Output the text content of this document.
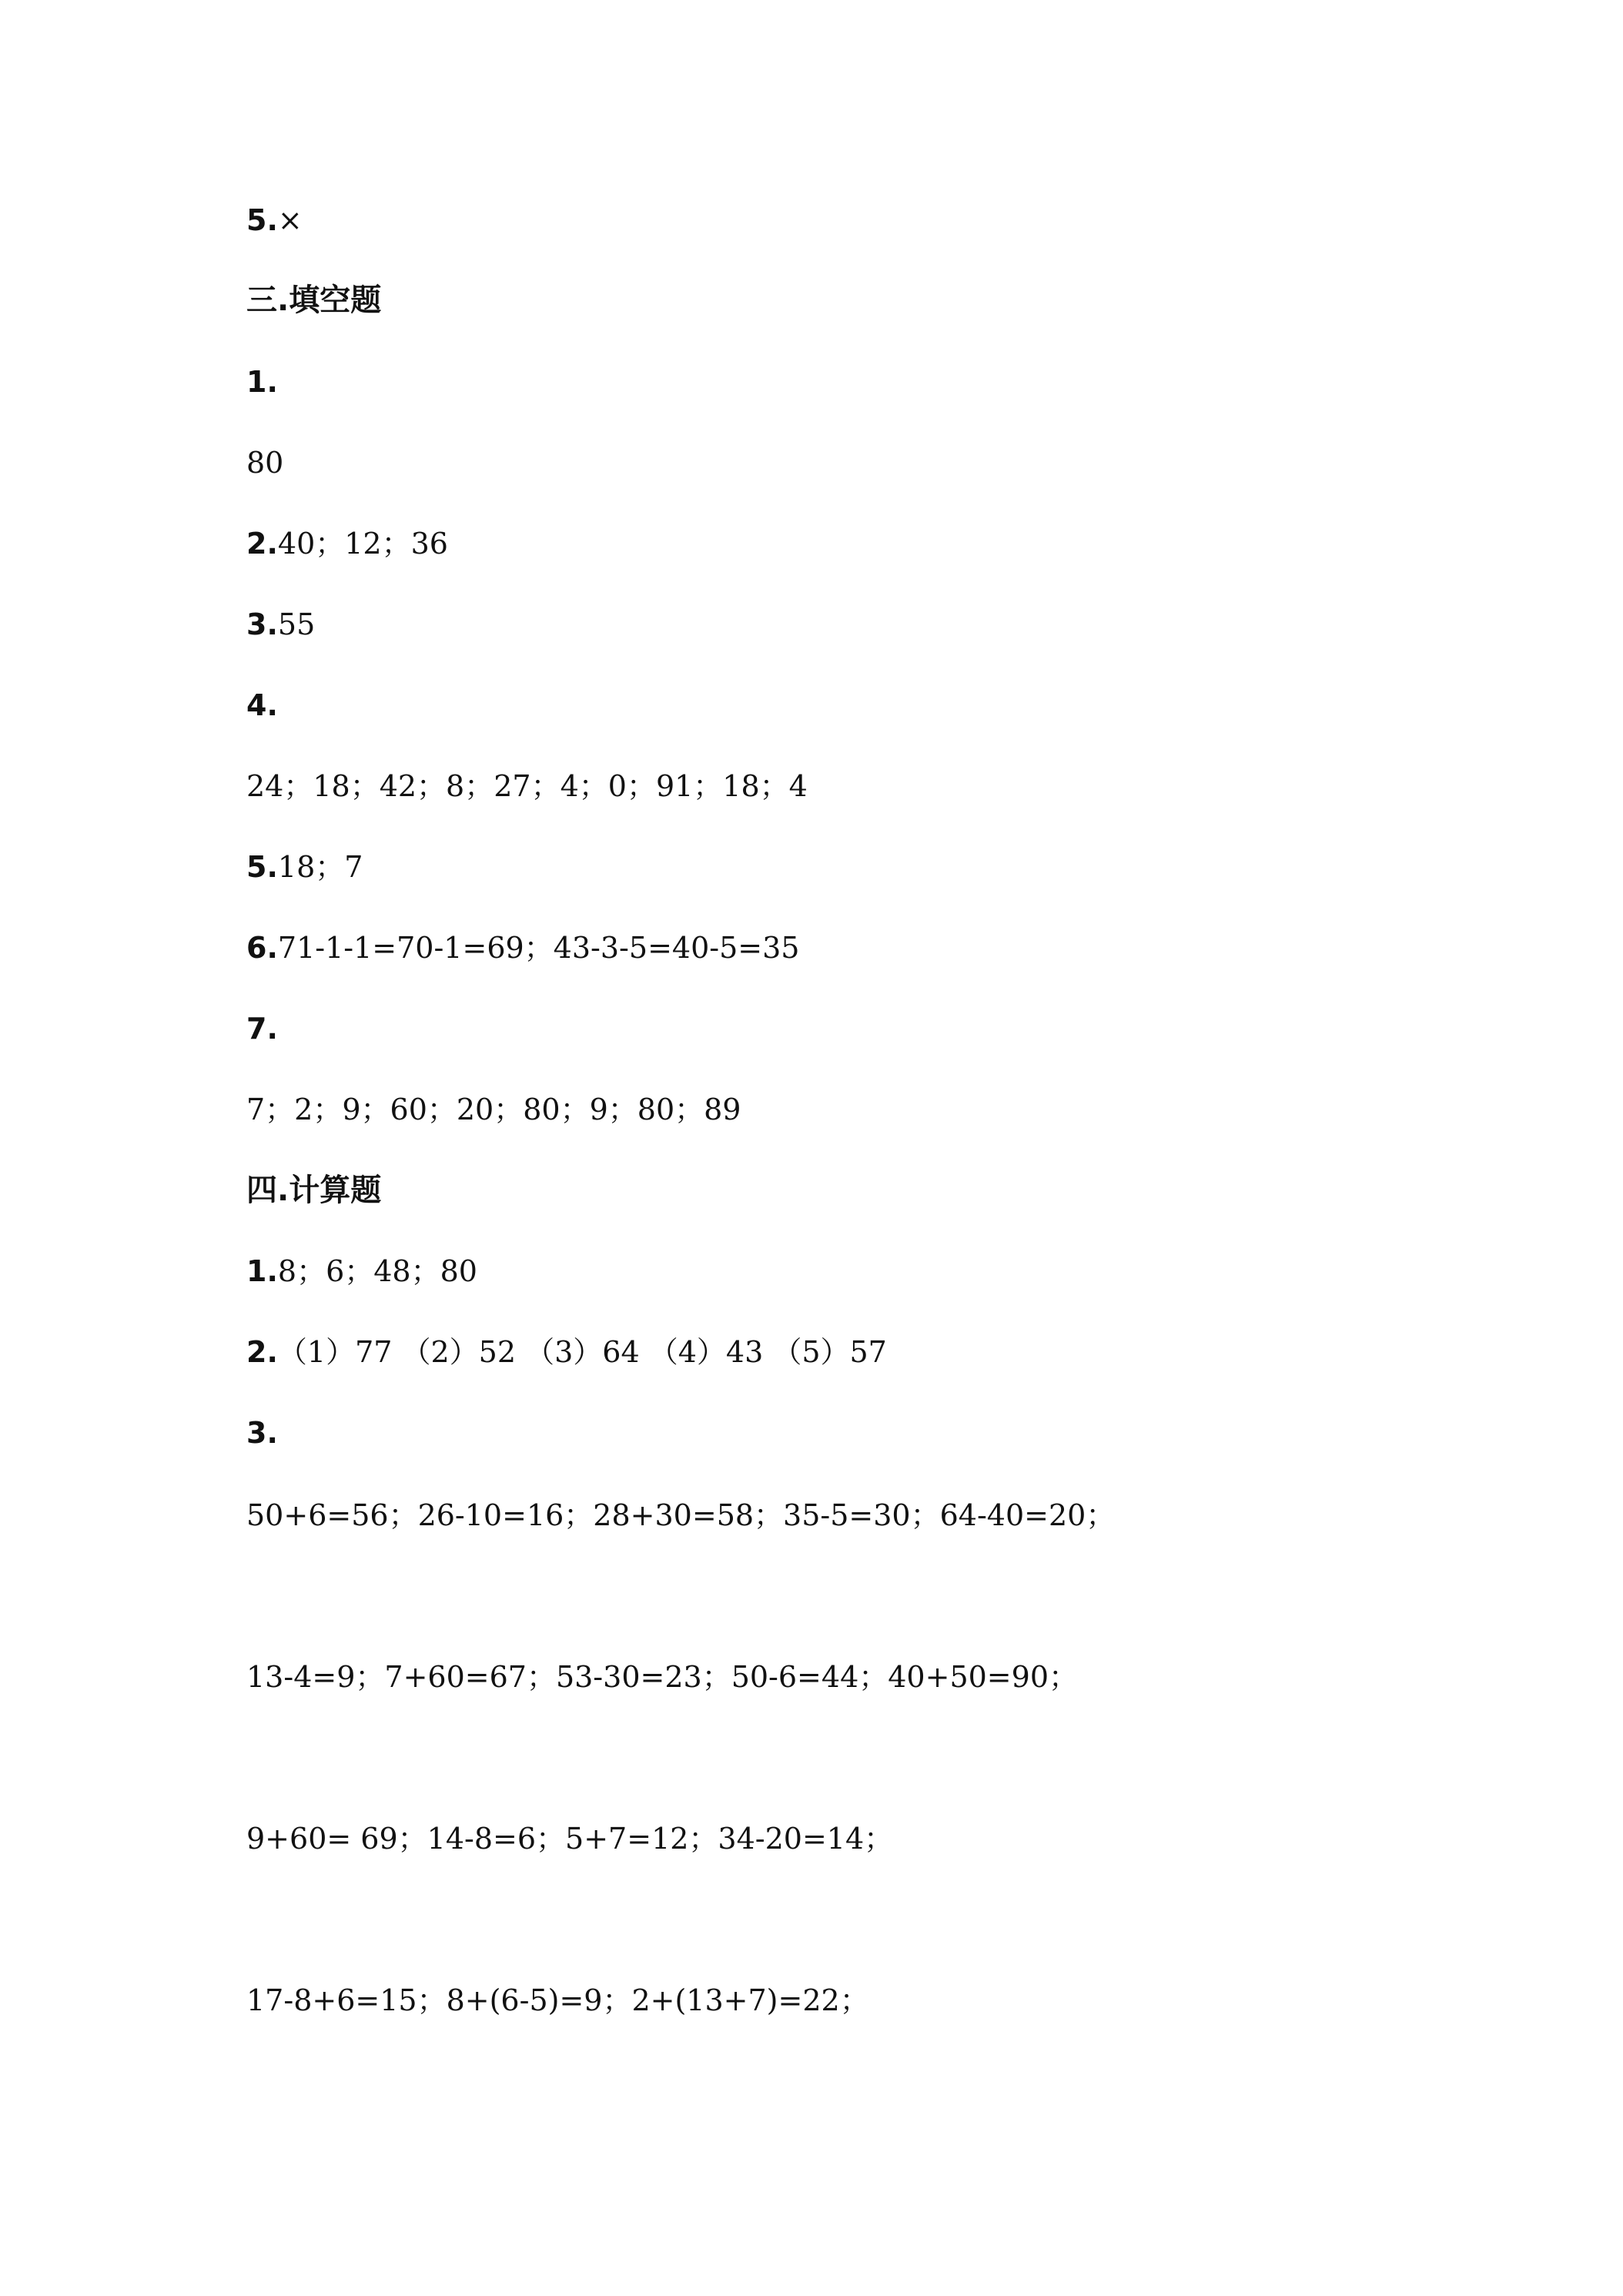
5.×
三.填空题
1.
80
2.40；12；36
3.55
4.
24；18；42；8；27；4；0；91；18；4
5.18；7
6.71-1-1=70-1=69；43-3-5=40-5=35
7.
7；2；9；60；20；80；9；80；89
四.计算题
1.8；6；48；80
2.（1）77 （2）52 （3）64 （4）43 （5）57
3.
50+6=56；26-10=16；28+30=58；35-5=30；64-40=20；
13-4=9；7+60=67；53-30=23；50-6=44；40+50=90；
9+60= 69；14-8=6；5+7=12；34-20=14；
17-8+6=15；8+(6-5)=9；2+(13+7)=22；
